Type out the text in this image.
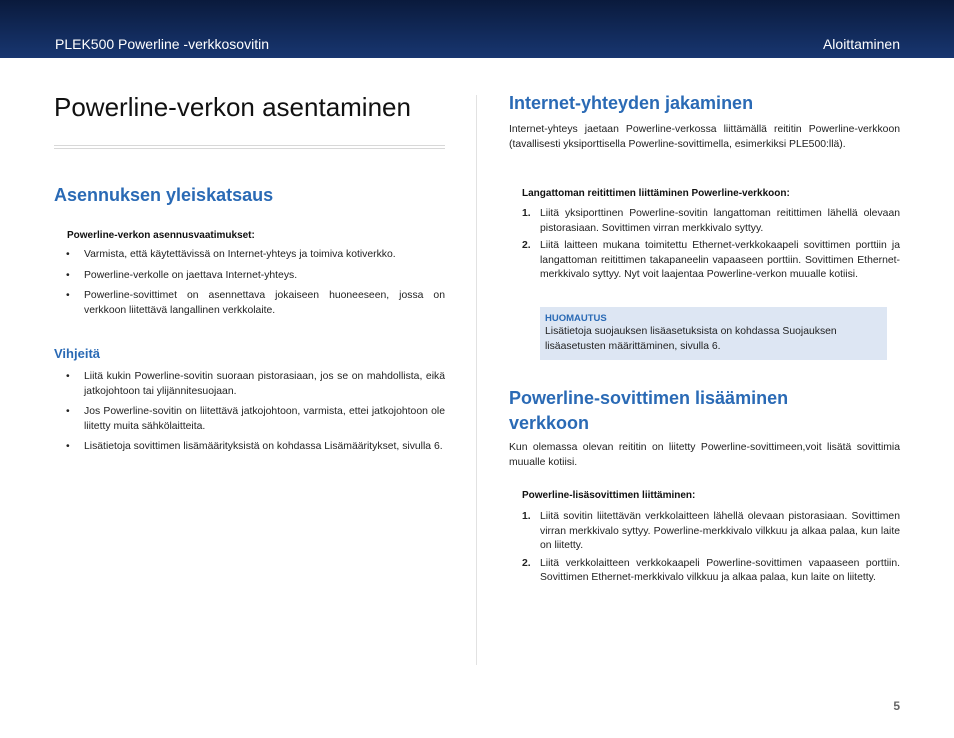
PLEK500 Powerline -verkkosovitin	Aloittaminen
Powerline-verkon asentaminen
Asennuksen yleiskatsaus
Powerline-verkon asennusvaatimukset:
• Varmista, että käytettävissä on Internet-yhteys ja toimiva kotiverkko.
• Powerline-verkolle on jaettava Internet-yhteys.
• Powerline-sovittimet on asennettava jokaiseen huoneeseen, jossa on verkkoon liitettävä langallinen verkkolaite.
Vihjeitä
• Liitä kukin Powerline-sovitin suoraan pistorasiaan, jos se on mahdollista, eikä jatkojohtoon tai ylijännitesuojaan.
• Jos Powerline-sovitin on liitettävä jatkojohtoon, varmista, ettei jatkojohtoon ole liitetty muita sähkölaitteita.
• Lisätietoja sovittimen lisämäärityksistä on kohdassa Lisämääritykset, sivulla 6.
Internet-yhteyden jakaminen

Internet-yhteys jaetaan Powerline-verkossa liittämällä reititin Powerline-verkkoon (tavallisesti yksiporttisella Powerline-sovittimella, esimerkiksi PLE500:llä).

Langattoman reitittimen liittäminen Powerline-verkkoon:
1. Liitä yksiporttinen Powerline-sovitin langattoman reitittimen lähellä olevaan pistorasiaan. Sovittimen virran merkkivalo syttyy.
2. Liitä laitteen mukana toimitettu Ethernet-verkkokaapeli sovittimen porttiin ja langattoman reitittimen takapaneelin vapaaseen porttiin. Sovittimen Ethernet-merkkivalo syttyy. Nyt voit laajentaa Powerline-verkon muualle kotiisi.
HUOMAUTUS
Lisätietoja suojauksen lisäasetuksista on kohdassa Suojauksen lisäasetusten määrittäminen, sivulla 6.
Powerline-sovittimen lisääminen verkkoon

Kun olemassa olevan reititin on liitetty Powerline-sovittimeen,voit lisätä sovittimia muualle kotiisi.

Powerline-lisäsovittimen liittäminen:
1. Liitä sovitin liitettävän verkkolaitteen lähellä olevaan pistorasiaan. Sovittimen virran merkkivalo syttyy. Powerline-merkkivalo vilkkuu ja alkaa palaa, kun laite on liitetty.
2. Liitä verkkolaitteen verkkokaapeli Powerline-sovittimen vapaaseen porttiin. Sovittimen Ethernet-merkkivalo vilkkuu ja alkaa palaa, kun laite on liitetty.
5
